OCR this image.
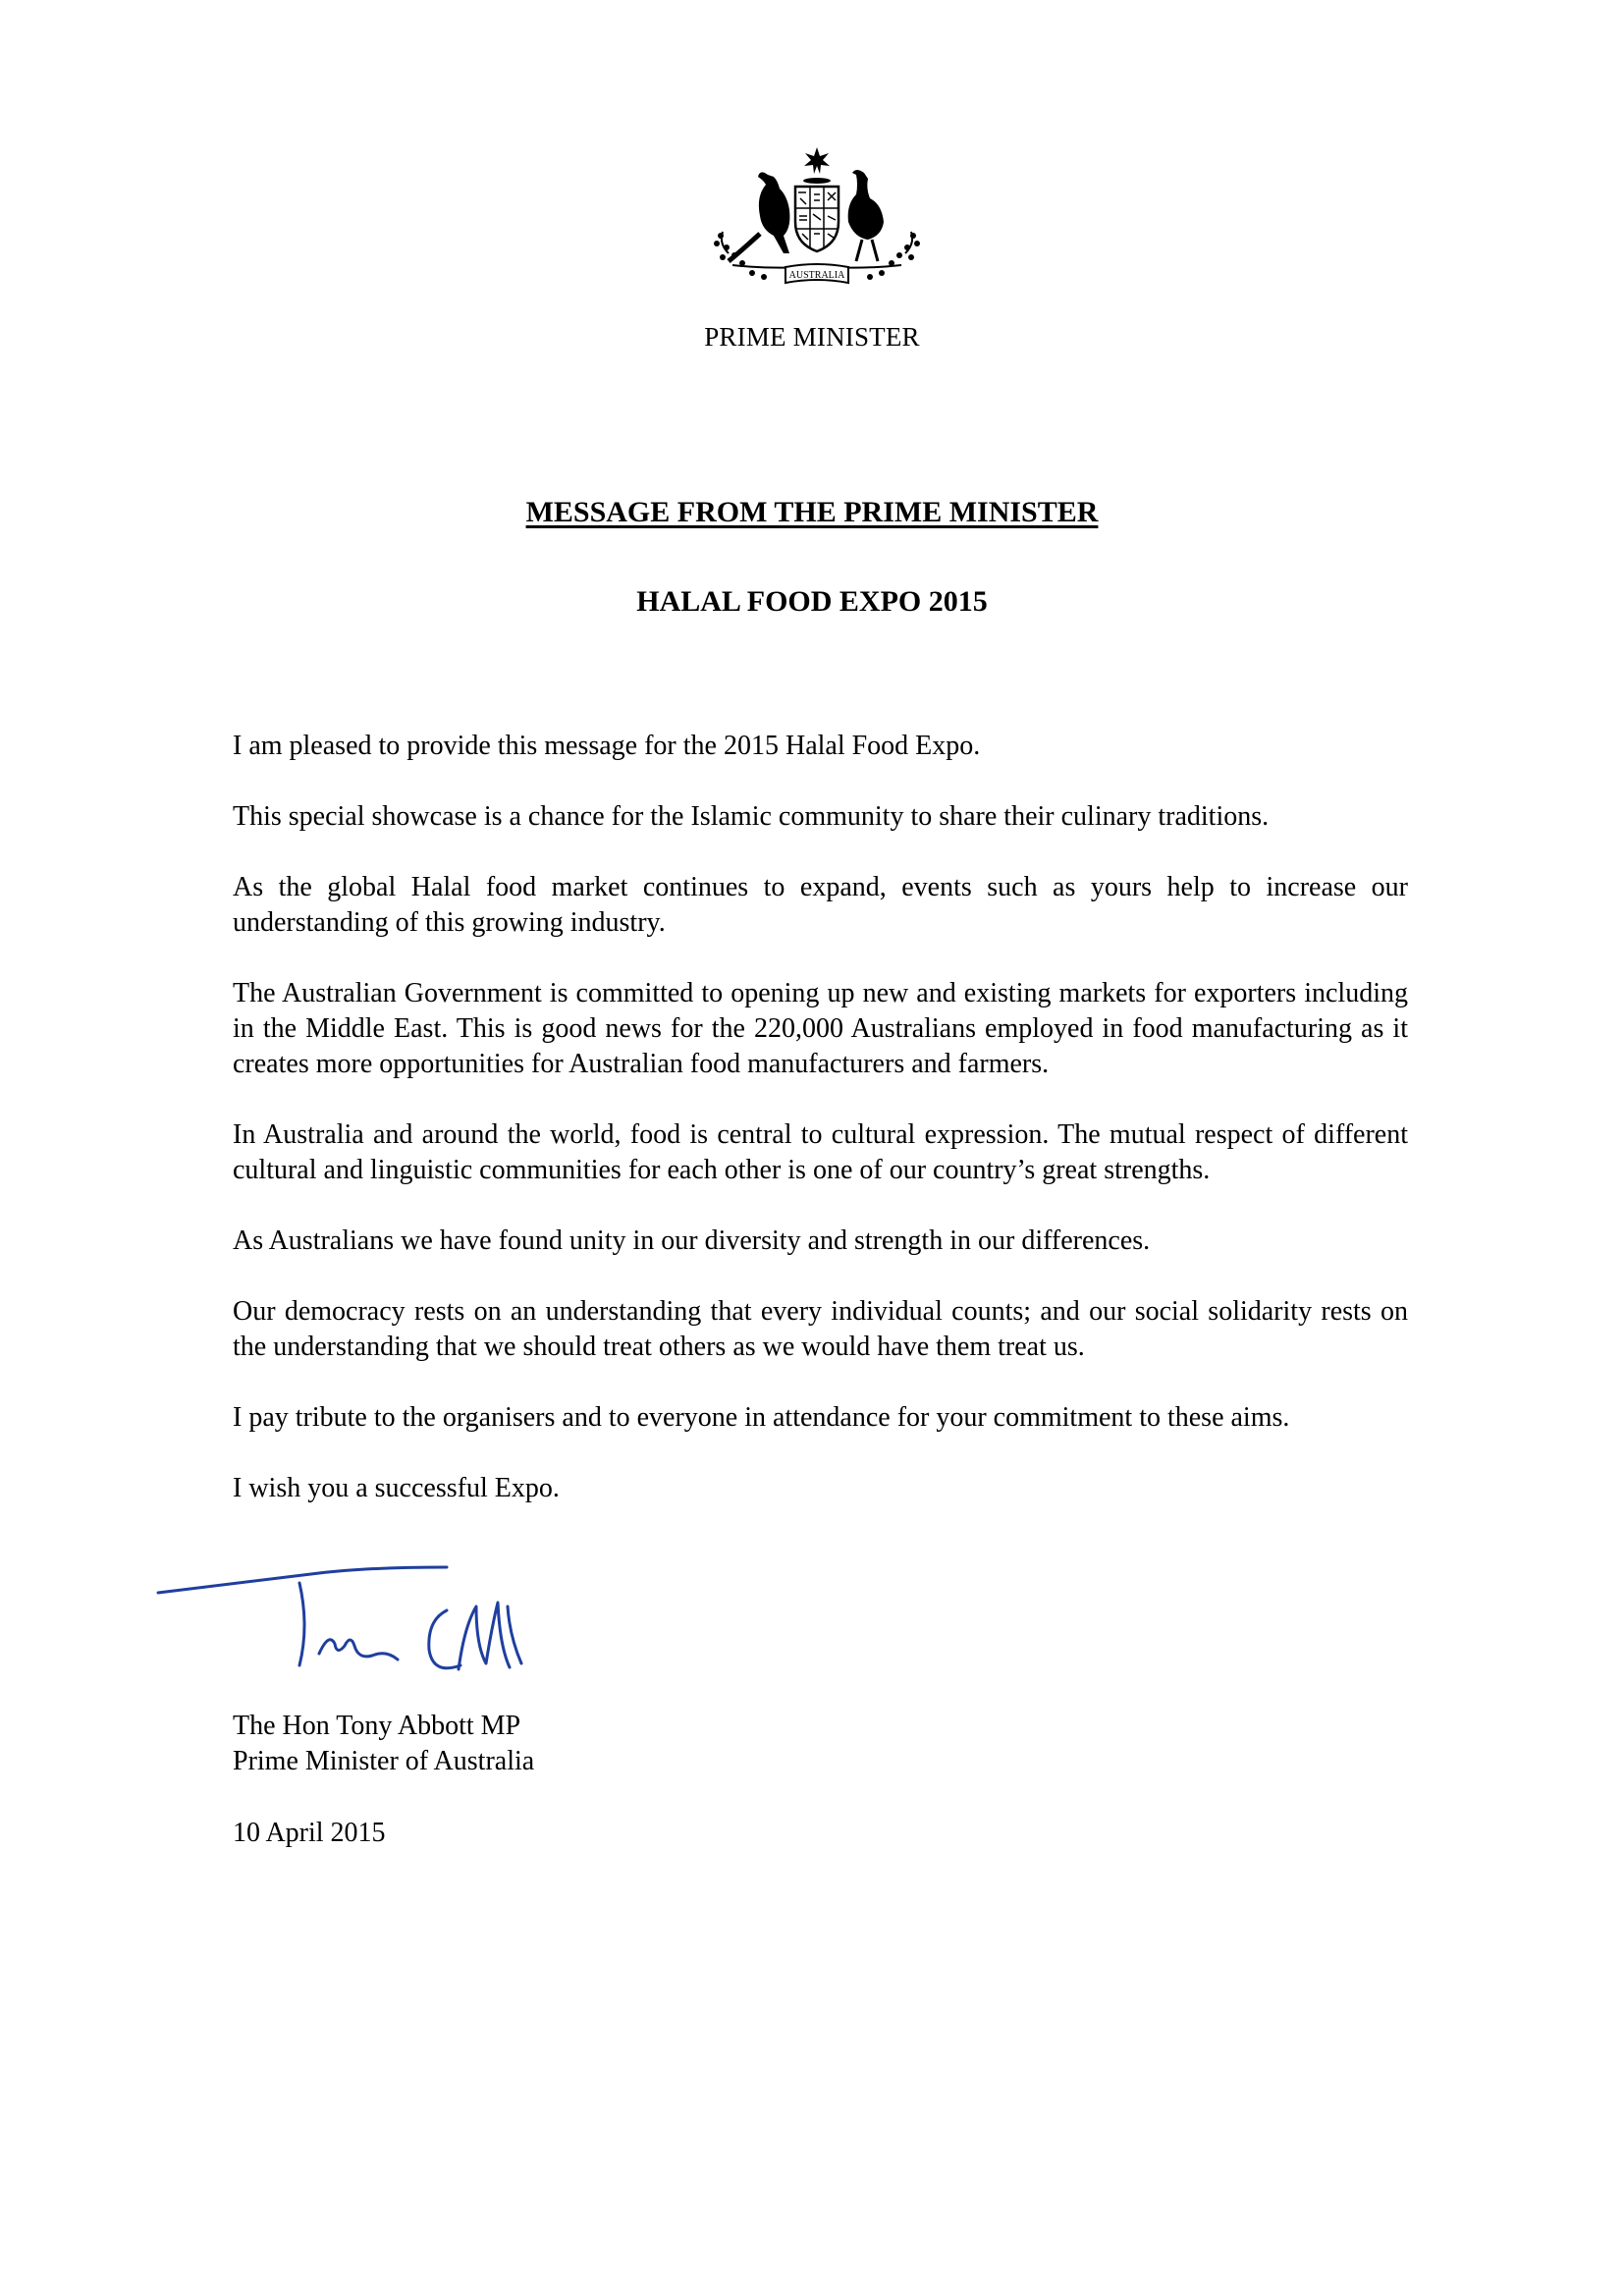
AUSTRALIA
PRIME MINISTER
MESSAGE FROM THE PRIME MINISTER
HALAL FOOD EXPO 2015

I am pleased to provide this message for the 2015 Halal Food Expo.

This special showcase is a chance for the Islamic community to share their culinary traditions.

As the global Halal food market continues to expand, events such as yours help to increase our understanding of this growing industry.

The Australian Government is committed to opening up new and existing markets for exporters including in the Middle East. This is good news for the 220,000 Australians employed in food manufacturing as it creates more opportunities for Australian food manufacturers and farmers.

In Australia and around the world, food is central to cultural expression. The mutual respect of different cultural and linguistic communities for each other is one of our country’s great strengths.

As Australians we have found unity in our diversity and strength in our differences.

Our democracy rests on an understanding that every individual counts; and our social solidarity rests on the understanding that we should treat others as we would have them treat us.

I pay tribute to the organisers and to everyone in attendance for your commitment to these aims.

I wish you a successful Expo.

The Hon Tony Abbott MP
Prime Minister of Australia
10 April 2015
